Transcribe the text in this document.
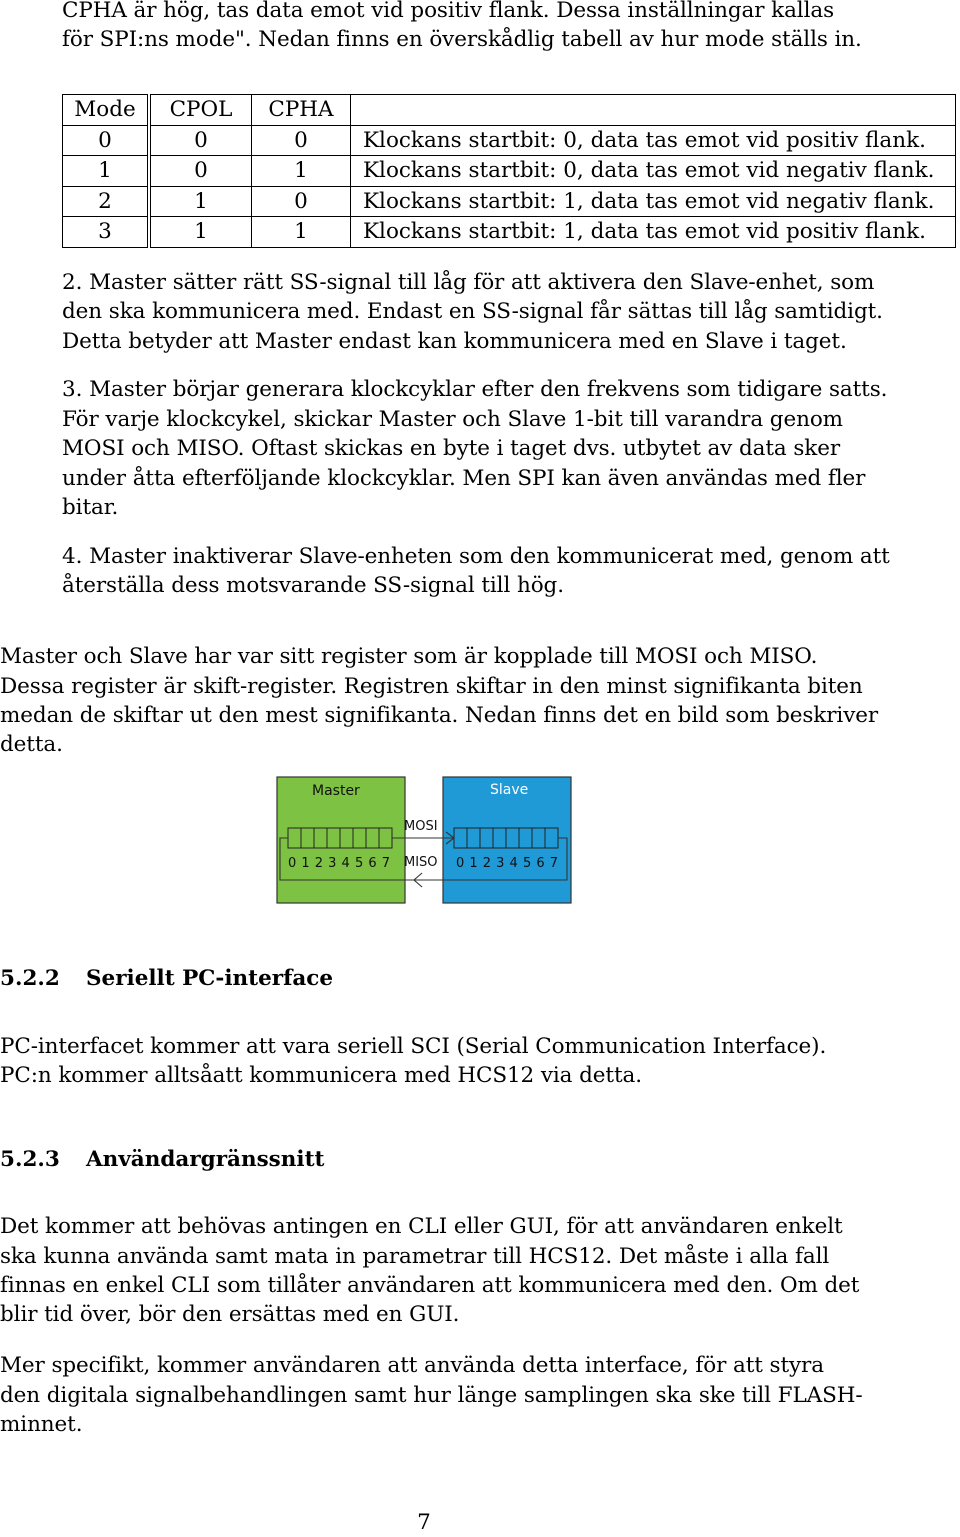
CPHA är hög, tas data emot vid positiv flank. Dessa inställningar kallas
för SPI:ns mode". Nedan finns en överskådlig tabell av hur mode ställs in.
Mode	CPOL	CPHA	
0	0	0	Klockans startbit: 0, data tas emot vid positiv flank.
1	0	1	Klockans startbit: 0, data tas emot vid negativ flank.
2	1	0	Klockans startbit: 1, data tas emot vid negativ flank.
3	1	1	Klockans startbit: 1, data tas emot vid positiv flank.
2. Master sätter rätt SS-signal till låg för att aktivera den Slave-enhet, som
den ska kommunicera med. Endast en SS-signal får sättas till låg samtidigt.
Detta betyder att Master endast kan kommunicera med en Slave i taget.
3. Master börjar generara klockcyklar efter den frekvens som tidigare satts.
För varje klockcykel, skickar Master och Slave 1-bit till varandra genom
MOSI och MISO. Oftast skickas en byte i taget dvs. utbytet av data sker
under åtta efterföljande klockcyklar. Men SPI kan även användas med fler
bitar.
4. Master inaktiverar Slave-enheten som den kommunicerat med, genom att
återställa dess motsvarande SS-signal till hög.
Master och Slave har var sitt register som är kopplade till MOSI och MISO.
Dessa register är skift-register. Registren skiftar in den minst signifikanta biten
medan de skiftar ut den mest signifikanta. Nedan finns det en bild som beskriver
detta.
Master	Slave
0 1 2 3 4 5 6 7	0 1 2 3 4 5 6 7
MOSI
MISO
5.2.2 Seriellt PC-interface
PC-interfacet kommer att vara seriell SCI (Serial Communication Interface).
PC:n kommer alltsåatt kommunicera med HCS12 via detta.
5.2.3 Användargränssnitt
Det kommer att behövas antingen en CLI eller GUI, för att användaren enkelt
ska kunna använda samt mata in parametrar till HCS12. Det måste i alla fall
finnas en enkel CLI som tillåter användaren att kommunicera med den. Om det
blir tid över, bör den ersättas med en GUI.
Mer specifikt, kommer användaren att använda detta interface, för att styra
den digitala signalbehandlingen samt hur länge samplingen ska ske till FLASH-
minnet.
7
